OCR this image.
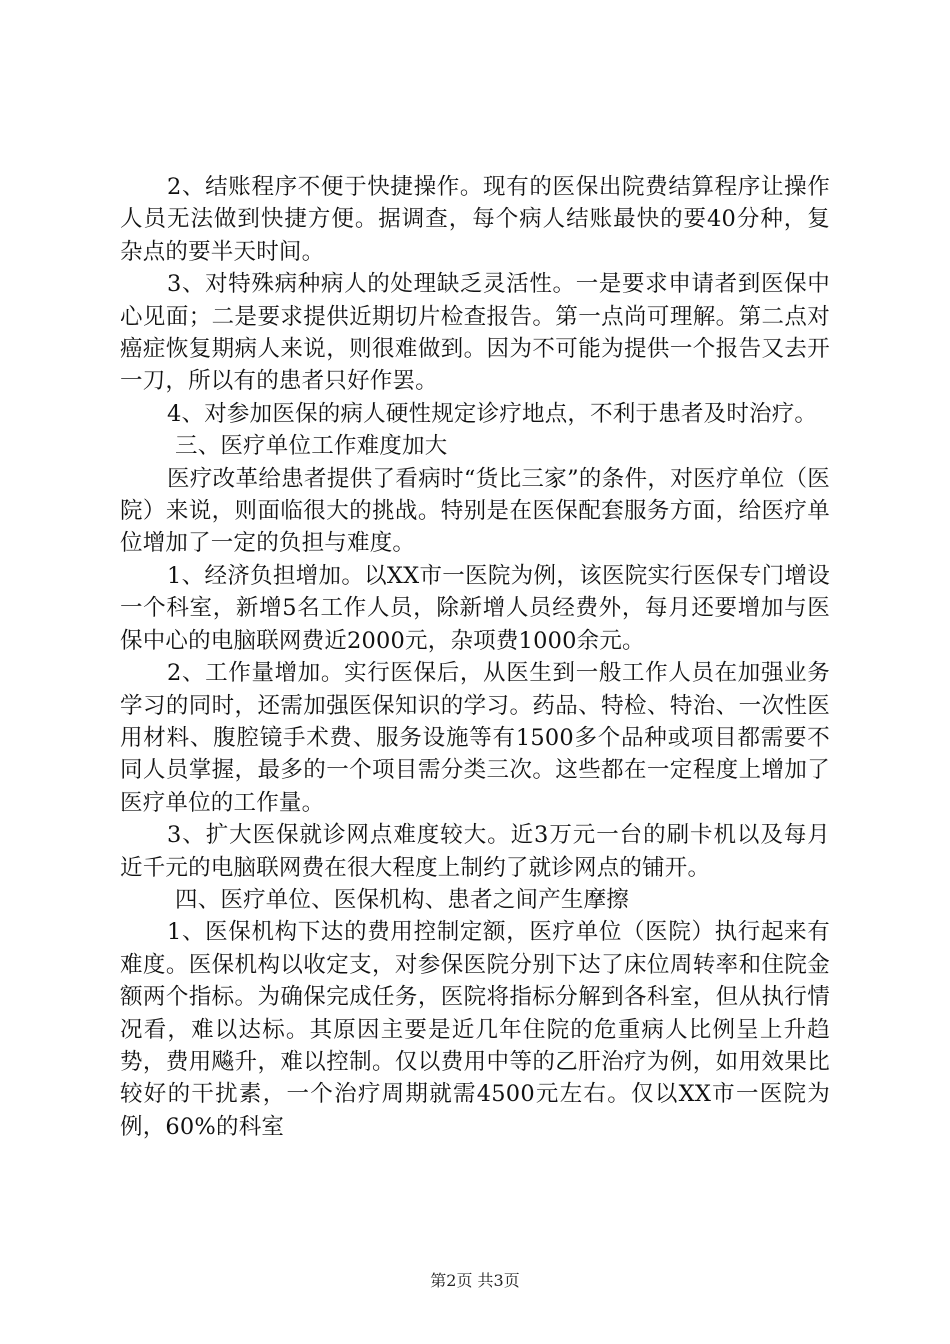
2、结账程序不便于快捷操作。现有的医保出院费结算程序让操作人员无法做到快捷方便。据调查，每个病人结账最快的要40分种，复杂点的要半天时间。

3、对特殊病种病人的处理缺乏灵活性。一是要求申请者到医保中心见面；二是要求提供近期切片检查报告。第一点尚可理解。第二点对癌症恢复期病人来说，则很难做到。因为不可能为提供一个报告又去开一刀，所以有的患者只好作罢。

4、对参加医保的病人硬性规定诊疗地点，不利于患者及时治疗。

三、医疗单位工作难度加大

医疗改革给患者提供了看病时“货比三家”的条件，对医疗单位（医院）来说，则面临很大的挑战。特别是在医保配套服务方面，给医疗单位增加了一定的负担与难度。

1、经济负担增加。以XX市一医院为例，该医院实行医保专门增设一个科室，新增5名工作人员，除新增人员经费外，每月还要增加与医保中心的电脑联网费近2000元，杂项费1000余元。

2、工作量增加。实行医保后，从医生到一般工作人员在加强业务学习的同时，还需加强医保知识的学习。药品、特检、特治、一次性医用材料、腹腔镜手术费、服务设施等有1500多个品种或项目都需要不同人员掌握，最多的一个项目需分类三次。这些都在一定程度上增加了医疗单位的工作量。

3、扩大医保就诊网点难度较大。近3万元一台的刷卡机以及每月近千元的电脑联网费在很大程度上制约了就诊网点的铺开。

四、医疗单位、医保机构、患者之间产生摩擦

1、医保机构下达的费用控制定额，医疗单位（医院）执行起来有难度。医保机构以收定支，对参保医院分别下达了床位周转率和住院金额两个指标。为确保完成任务，医院将指标分解到各科室，但从执行情况看，难以达标。其原因主要是近几年住院的危重病人比例呈上升趋势，费用飚升，难以控制。仅以费用中等的乙肝治疗为例，如用效果比较好的干扰素，一个治疗周期就需4500元左右。仅以XX市一医院为例，60%的科室

第2页 共3页
